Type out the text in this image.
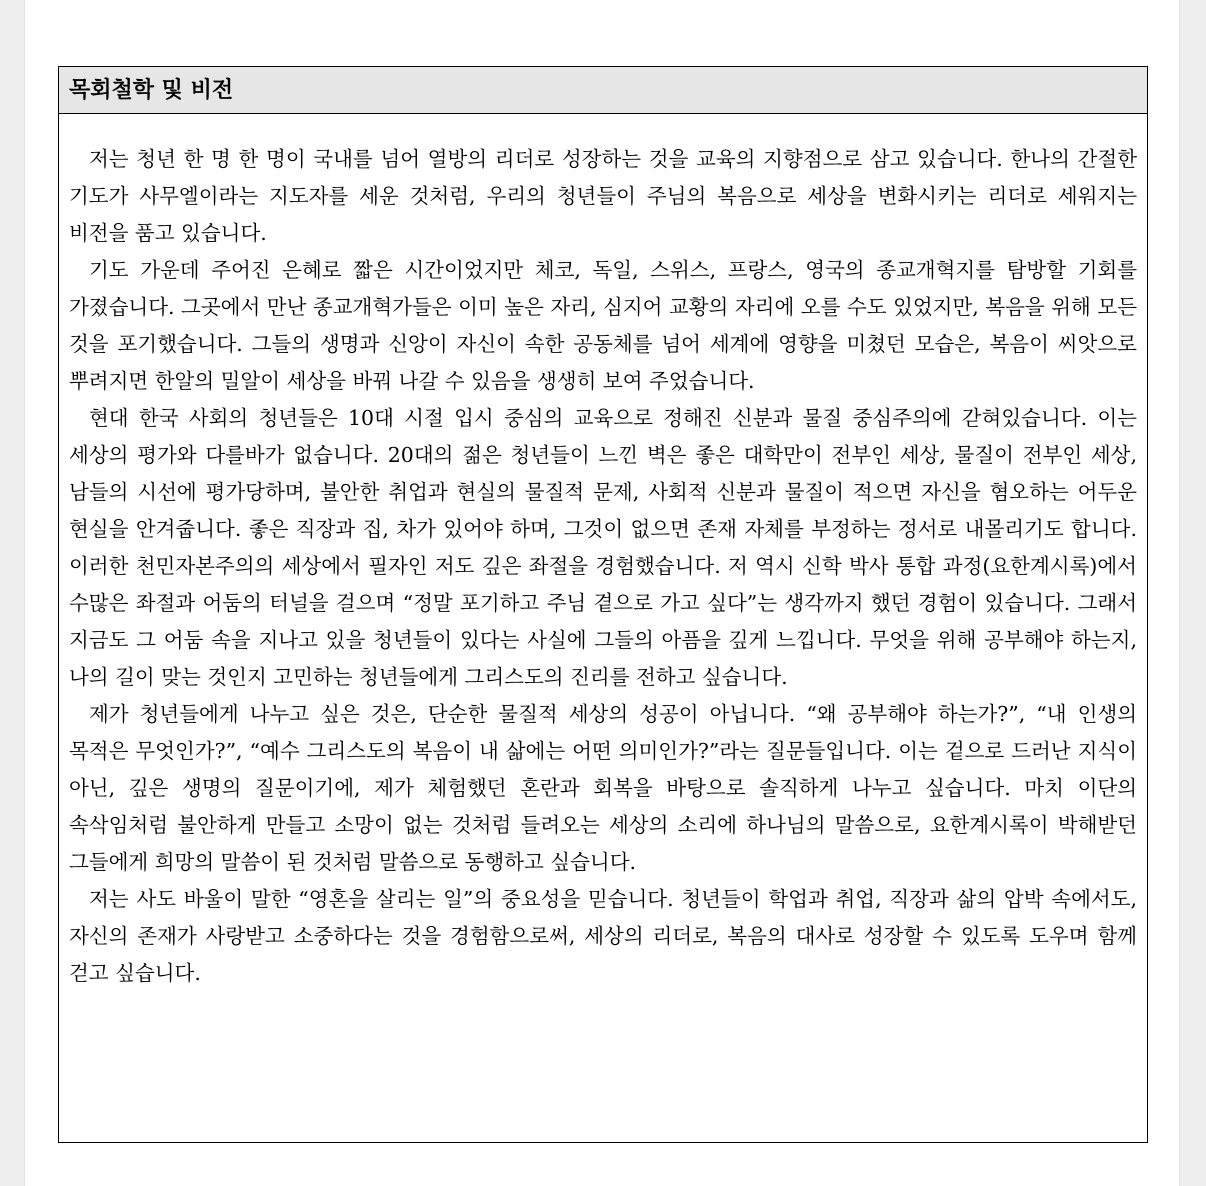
목회철학 및 비전

저는 청년 한 명 한 명이 국내를 넘어 열방의 리더로 성장하는 것을 교육의 지향점으로 삼고 있습니다. 한나의 간절한 기도가 사무엘이라는 지도자를 세운 것처럼, 우리의 청년들이 주님의 복음으로 세상을 변화시키는 리더로 세워지는 비전을 품고 있습니다.

기도 가운데 주어진 은혜로 짧은 시간이었지만 체코, 독일, 스위스, 프랑스, 영국의 종교개혁지를 탐방할 기회를 가졌습니다. 그곳에서 만난 종교개혁가들은 이미 높은 자리, 심지어 교황의 자리에 오를 수도 있었지만, 복음을 위해 모든 것을 포기했습니다. 그들의 생명과 신앙이 자신이 속한 공동체를 넘어 세계에 영향을 미쳤던 모습은, 복음이 씨앗으로 뿌려지면 한알의 밀알이 세상을 바꿔 나갈 수 있음을 생생히 보여 주었습니다.

현대 한국 사회의 청년들은 10대 시절 입시 중심의 교육으로 정해진 신분과 물질 중심주의에 갇혀있습니다. 이는 세상의 평가와 다를바가 없습니다. 20대의 젊은 청년들이 느낀 벽은 좋은 대학만이 전부인 세상, 물질이 전부인 세상, 남들의 시선에 평가당하며, 불안한 취업과 현실의 물질적 문제, 사회적 신분과 물질이 적으면 자신을 혐오하는 어두운 현실을 안겨줍니다. 좋은 직장과 집, 차가 있어야 하며, 그것이 없으면 존재 자체를 부정하는 정서로 내몰리기도 합니다. 이러한 천민자본주의의 세상에서 필자인 저도 깊은 좌절을 경험했습니다. 저 역시 신학 박사 통합 과정(요한계시록)에서 수많은 좌절과 어둠의 터널을 걸으며 “정말 포기하고 주님 곁으로 가고 싶다”는 생각까지 했던 경험이 있습니다. 그래서 지금도 그 어둠 속을 지나고 있을 청년들이 있다는 사실에 그들의 아픔을 깊게 느낍니다. 무엇을 위해 공부해야 하는지, 나의 길이 맞는 것인지 고민하는 청년들에게 그리스도의 진리를 전하고 싶습니다.

제가 청년들에게 나누고 싶은 것은, 단순한 물질적 세상의 성공이 아닙니다. “왜 공부해야 하는가?”, “내 인생의 목적은 무엇인가?”, “예수 그리스도의 복음이 내 삶에는 어떤 의미인가?”라는 질문들입니다. 이는 겉으로 드러난 지식이 아닌, 깊은 생명의 질문이기에, 제가 체험했던 혼란과 회복을 바탕으로 솔직하게 나누고 싶습니다. 마치 이단의 속삭임처럼 불안하게 만들고 소망이 없는 것처럼 들려오는 세상의 소리에 하나님의 말씀으로, 요한계시록이 박해받던 그들에게 희망의 말씀이 된 것처럼 말씀으로 동행하고 싶습니다.

저는 사도 바울이 말한 “영혼을 살리는 일”의 중요성을 믿습니다. 청년들이 학업과 취업, 직장과 삶의 압박 속에서도, 자신의 존재가 사랑받고 소중하다는 것을 경험함으로써, 세상의 리더로, 복음의 대사로 성장할 수 있도록 도우며 함께 걷고 싶습니다.
